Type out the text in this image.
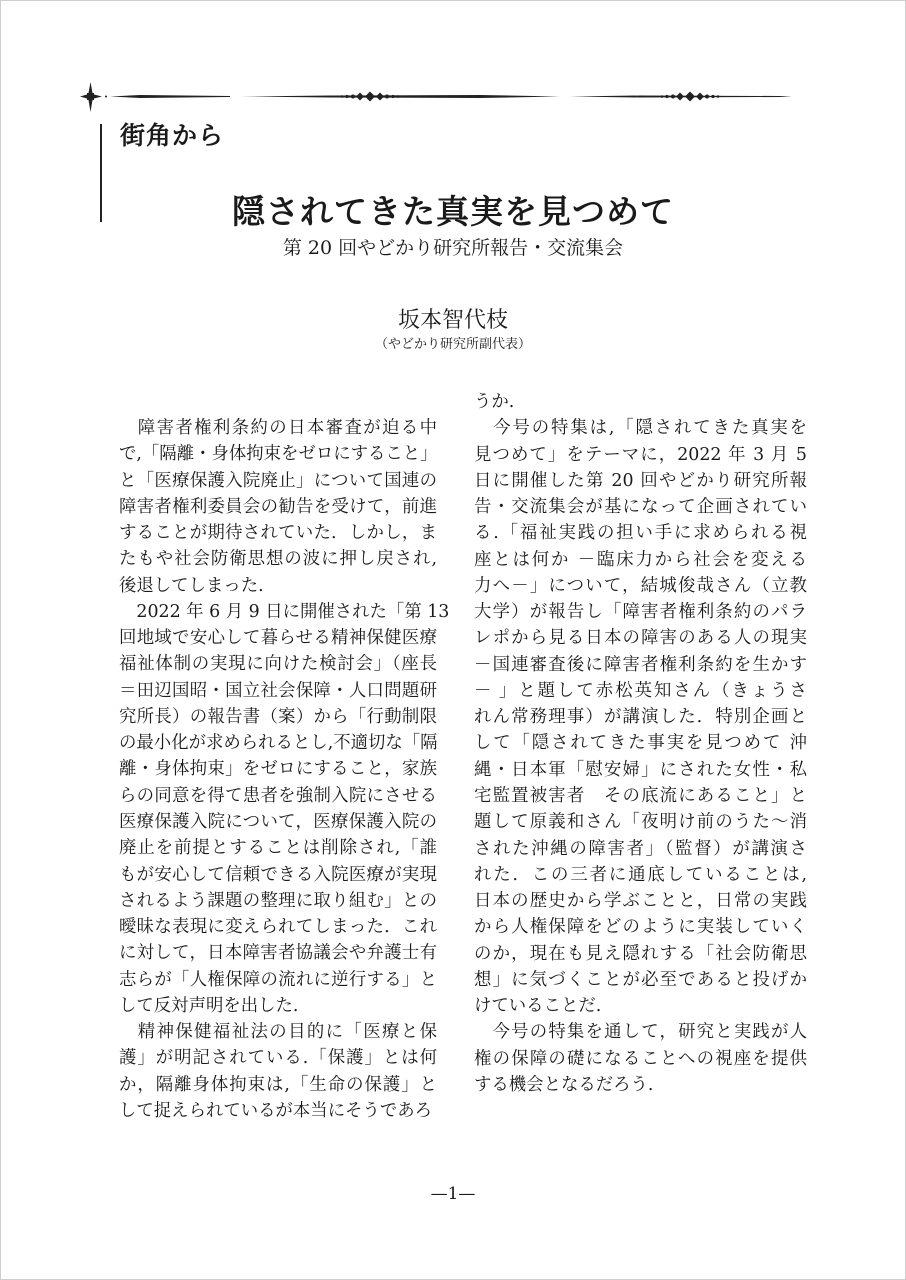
街角から
隠されてきた真実を見つめて
第 20 回やどかり研究所報告・交流集会
坂本智代枝
（やどかり研究所副代表）
　障害者権利条約の日本審査が迫る中
で,「隔離・身体拘束をゼロにすること」
と「医療保護入院廃止」について国連の
障害者権利委員会の勧告を受けて，前進
することが期待されていた．しかし，ま
たもや社会防衛思想の波に押し戻され,
後退してしまった.
　2022 年 6 月 9 日に開催された「第 13
回地域で安心して暮らせる精神保健医療
福祉体制の実現に向けた検討会」（座長
＝田辺国昭・国立社会保障・人口問題研
究所長）の報告書（案）から「行動制限
の最小化が求められるとし,不適切な「隔
離・身体拘束」をゼロにすること，家族
らの同意を得て患者を強制入院にさせる
医療保護入院について，医療保護入院の
廃止を前提とすることは削除され,「誰
もが安心して信頼できる入院医療が実現
されるよう課題の整理に取り組む」との
曖昧な表現に変えられてしまった．これ
に対して，日本障害者協議会や弁護士有
志らが「人権保障の流れに逆行する」と
して反対声明を出した.
　精神保健福祉法の目的に「医療と保
護」が明記されている.「保護」とは何
か，隔離身体拘束は,「生命の保護」と
して捉えられているが本当にそうであろ
うか.
　今号の特集は,「隠されてきた真実を
見つめて」をテーマに，2022 年 3 月 5
日に開催した第 20 回やどかり研究所報
告・交流集会が基になって企画されてい
る.「福祉実践の担い手に求められる視
座とは何か －臨床力から社会を変える
力へ－」について，結城俊哉さん（立教
大学）が報告し「障害者権利条約のパラ
レポから見る日本の障害のある人の現実
－国連審査後に障害者権利条約を生かす
－ 」と題して赤松英知さん（きょうさ
れん常務理事）が講演した．特別企画と
して「隠されてきた事実を見つめて 沖
縄・日本軍「慰安婦」にされた女性・私
宅監置被害者　その底流にあること」と
題して原義和さん「夜明け前のうた～消
された沖縄の障害者」（監督）が講演さ
れた．この三者に通底していることは,
日本の歴史から学ぶことと，日常の実践
から人権保障をどのように実装していく
のか，現在も見え隠れする「社会防衛思
想」に気づくことが必至であると投げか
けていることだ.
　今号の特集を通して，研究と実践が人
権の保障の礎になることへの視座を提供
する機会となるだろう.
—1—
